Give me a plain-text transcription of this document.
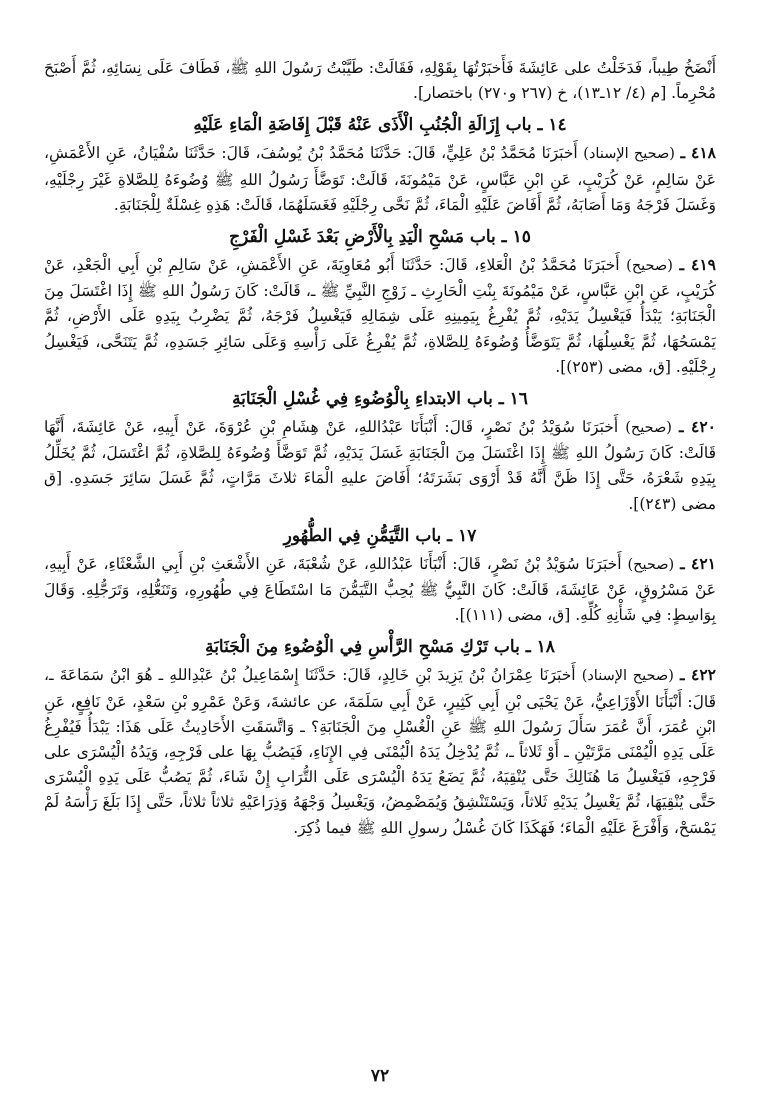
أَنْضَخُ طِيباً، فَدَخَلْتُ على عَائِشَةَ فَأَخبَرْتُهَا بِقَوْلِهِ، فَقَالَتْ: طَيَّبْتُ رَسُولَ اللهِ ﷺ، فَطَافَ عَلَى نِسَائِهِ، ثُمَّ أَصْبَحَ مُحْرِماً. [م (٤/ ١٢ـ١٣)، خ (٢٦٧ و٢٧٠) باختصار].

١٤ ـ باب إِزَالَةِ الْجُنُبِ الْأَذَى عَنْهُ قَبْلَ إِفَاضَةِ الْمَاءِ عَلَيْهِ

٤١٨ ـ (صحيح الإسناد) أَخبَرَنَا مُحَمَّدُ بْنُ عَلِيٍّ، قَالَ: حَدَّثَنَا مُحَمَّدُ بْنُ يُوسُفَ، قَالَ: حَدَّثَنَا سُفْيَانُ، عَنِ الأَعْمَشِ، عَنْ سَالِمٍ، عَنْ كُرَيْبٍ، عَنِ ابْنِ عَبَّاسٍ، عَنْ مَيْمُونَةَ، قَالَتْ: تَوَضَّأَ رَسُولُ اللهِ ﷺ وُضُوءَهُ لِلصَّلاةِ غَيْرَ رِجْلَيْهِ، وَغَسَلَ فَرْجَهُ وَمَا أَصَابَهُ، ثُمَّ أَفَاضَ عَلَيْهِ الْمَاءَ، ثُمَّ نَحَّى رِجْلَيْهِ فَغَسَلَهُمَا، قَالَتْ: هَذِهِ غِسْلَةٌ لِلْجَنَابَةِ.

١٥ ـ باب مَسْحِ الْيَدِ بِالْأَرْضِ بَعْدَ غَسْلِ الْفَرْجِ

٤١٩ ـ (صحيح) أَخبَرَنَا مُحَمَّدُ بْنُ الْعَلاءِ، قَالَ: حَدَّثَنَا أَبُو مُعَاوِيَةَ، عَنِ الأَعْمَشِ، عَنْ سَالِمِ بْنِ أَبِي الْجَعْدِ، عَنْ كُرَيْبٍ، عَنِ ابْنِ عَبَّاسٍ، عَنْ مَيْمُونَةَ بِنْتِ الْحَارِثِ ـ زَوْجِ النَّبِيِّ ﷺ ـ، قَالَتْ: كَانَ رَسُولُ اللهِ ﷺ إِذَا اغْتَسَلَ مِنَ الْجَنَابَةِ؛ يَبْدَأُ فَيَغْسِلُ يَدَيْهِ، ثُمَّ يُفْرِغُ بِيَمِينِهِ عَلَى شِمَالِهِ فَيَغْسِلُ فَرْجَهُ، ثُمَّ يَضْرِبُ بِيَدِهِ عَلَى الأَرْضِ، ثُمَّ يَمْسَحُهَا، ثُمَّ يَغْسِلُهَا، ثُمَّ يَتَوَضَّأُ وُضُوءَهُ لِلصَّلاةِ، ثُمَّ يُفْرِغُ عَلَى رَأْسِهِ وَعَلَى سَائِرِ جَسَدِهِ، ثُمَّ يَتَنَحَّى، فَيَغْسِلُ رِجْلَيْهِ. [ق، مضى (٢٥٣)].

١٦ ـ باب الابتداءِ بِالْوُضُوءِ فِي غُسْلِ الْجَنَابَةِ

٤٢٠ ـ (صحيح) أَخبَرَنَا سُوَيْدُ بْنُ نَصْرٍ، قَالَ: أَنْبَأَنَا عَبْدُاللهِ، عَنْ هِشَامِ بْنِ عُرْوَةَ، عَنْ أَبِيهِ، عَنْ عَائِشَةَ، أَنَّهَا قَالَتْ: كَانَ رَسُولُ اللهِ ﷺ إِذَا اغْتَسَلَ مِنَ الْجَنَابَةِ غَسَلَ يَدَيْهِ، ثُمَّ تَوَضَّأَ وُضُوءَهُ لِلصَّلاةِ، ثُمَّ اغْتَسَلَ، ثُمَّ يُخَلِّلُ بِيَدِهِ شَعْرَهُ، حَتَّى إِذَا ظَنَّ أَنَّهُ قَدْ أَرْوَى بَشَرَتَهُ؛ أَفَاضَ عليهِ الْمَاءَ ثلاثَ مَرَّاتٍ، ثُمَّ غَسَلَ سَائِرَ جَسَدِهِ. [ق مضى (٢٤٣)].

١٧ ـ باب التَّيَمُّنِ فِي الطُّهُورِ

٤٢١ ـ (صحيح) أَخبَرَنَا سُوَيْدُ بْنُ نَصْرٍ، قَالَ: أَنْبَأَنَا عَبْدُاللهِ، عَنْ شُعْبَةَ، عَنِ الأَشْعَثِ بْنِ أَبِي الشَّعْثَاءِ، عَنْ أَبِيهِ، عَنْ مَسْرُوقٍ، عَنْ عَائِشَةَ، قَالَتْ: كَانَ النَّبِيُّ ﷺ يُحِبُّ التَّيَمُّنَ مَا اسْتَطَاعَ فِي طُهُورِهِ، وَتَنَعُّلِهِ، وَتَرَجُّلِهِ. وَقَالَ بِوَاسِطٍ: فِي شَأْنِهِ كُلِّهِ. [ق، مضى (١١١)].

١٨ ـ باب تَرْكِ مَسْحِ الرَّأْسِ فِي الْوُضُوءِ مِنَ الْجَنَابَةِ

٤٢٢ ـ (صحيح الإسناد) أَخبَرَنَا عِمْرَانُ بْنُ يَزِيدَ بْنِ خَالِدٍ، قَالَ: حَدَّثَنَا إِسْمَاعِيلُ بْنُ عَبْدِاللهِ ـ هُوَ ابْنُ سَمَاعَةَ ـ، قَالَ: أَنْبَأَنَا الأَوْزَاعِيُّ، عَنْ يَحْيَى بْنِ أَبِي كَثِيرٍ، عَنْ أَبِي سَلَمَةَ، عن عائشةَ، وَعَنْ عَمْرِو بْنِ سَعْدٍ، عَنْ نَافِعٍ، عَنِ ابْنِ عُمَرَ، أَنَّ عُمَرَ سَأَلَ رَسُولَ اللهِ ﷺ عَنِ الْغُسْلِ مِنَ الْجَنَابَةِ؟ ـ وَاتَّسَقَتِ الأَحَادِيثُ عَلَى هَذَا: يَبْدَأُ فَيُفْرِغُ عَلَى يَدِهِ الْيُمْنَى مَرَّتَيْنِ ـ أَوْ ثَلاثاً ـ، ثُمَّ يُدْخِلُ يَدَهُ الْيُمْنَى فِي الإِنَاءِ، فَيَصُبُّ بِهَا على فَرْجِهِ، وَيَدُهُ الْيُسْرَى على فَرْجِهِ، فَيَغْسِلُ مَا هُنَالِكَ حَتَّى يُنْقِيَهُ، ثُمَّ يَضَعُ يَدَهُ الْيُسْرَى عَلَى التُّرَابِ إِنْ شَاءَ، ثُمَّ يَصُبُّ عَلَى يَدِهِ الْيُسْرَى حَتَّى يُنْقِيَهَا، ثُمَّ يَغْسِلُ يَدَيْهِ ثَلاثاً، وَيَسْتَنْشِقُ وَيُمَضْمِضُ، وَيَغْسِلُ وَجْهَهُ وَذِرَاعَيْهِ ثلاثاً ثلاثاً، حَتَّى إِذَا بَلَغَ رَأْسَهُ لَمْ يَمْسَحْ، وَأَفْرَغَ عَلَيْهِ الْمَاءَ؛ فَهَكَذَا كَانَ غُسْلُ رسولِ اللهِ ﷺ فيما ذُكِرَ.

٧٢
